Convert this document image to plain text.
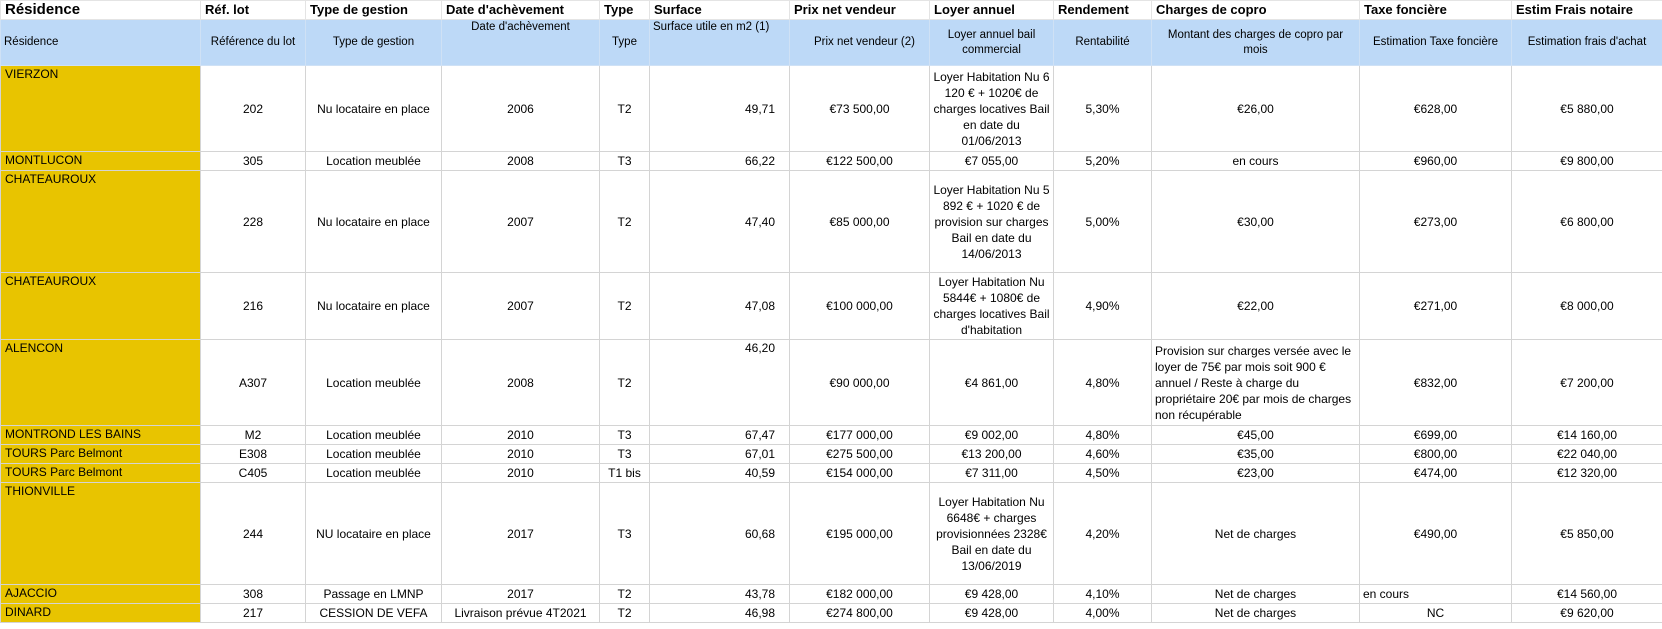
Résidence	Réf. lot	Type de gestion	Date d'achèvement	Type	Surface	Prix net vendeur	Loyer annuel	Rendement	Charges de copro	Taxe foncière	Estim Frais notaire
Résidence	Référence du lot	Type de gestion	Date d'achèvement	Type	Surface utile en m2 (1)	Prix net vendeur (2)	Loyer annuel bail commercial	Rentabilité	Montant des charges de copro par mois	Estimation Taxe foncière	Estimation frais d'achat
VIERZON	202	Nu locataire en place	2006	T2	49,71	€73 500,00	Loyer Habitation Nu 6 120 € + 1020€ de charges locatives Bail en date du 01/06/2013	5,30%	€26,00	€628,00	€5 880,00
MONTLUCON	305	Location meublée	2008	T3	66,22	€122 500,00	€7 055,00	5,20%	en cours	€960,00	€9 800,00
CHATEAUROUX	228	Nu locataire en place	2007	T2	47,40	€85 000,00	Loyer Habitation Nu 5 892 € + 1020 € de provision sur charges Bail en date du 14/06/2013	5,00%	€30,00	€273,00	€6 800,00
CHATEAUROUX	216	Nu locataire en place	2007	T2	47,08	€100 000,00	Loyer Habitation Nu 5844€ + 1080€ de charges locatives Bail d'habitation	4,90%	€22,00	€271,00	€8 000,00
ALENCON	A307	Location meublée	2008	T2	46,20	€90 000,00	€4 861,00	4,80%	Provision sur charges versée avec le loyer de 75€ par mois soit 900 € annuel / Reste à charge du propriétaire 20€ par mois de charges non récupérable	€832,00	€7 200,00
MONTROND LES BAINS	M2	Location meublée	2010	T3	67,47	€177 000,00	€9 002,00	4,80%	€45,00	€699,00	€14 160,00
TOURS Parc Belmont	E308	Location meublée	2010	T3	67,01	€275 500,00	€13 200,00	4,60%	€35,00	€800,00	€22 040,00
TOURS Parc Belmont	C405	Location meublée	2010	T1 bis	40,59	€154 000,00	€7 311,00	4,50%	€23,00	€474,00	€12 320,00
THIONVILLE	244	NU locataire en place	2017	T3	60,68	€195 000,00	Loyer Habitation Nu 6648€ + charges provisionnées 2328€ Bail en date du 13/06/2019	4,20%	Net de charges	€490,00	€5 850,00
AJACCIO	308	Passage en LMNP	2017	T2	43,78	€182 000,00	€9 428,00	4,10%	Net de charges	en cours	€14 560,00
DINARD	217	CESSION DE VEFA	Livraison prévue 4T2021	T2	46,98	€274 800,00	€9 428,00	4,00%	Net de charges	NC	€9 620,00
